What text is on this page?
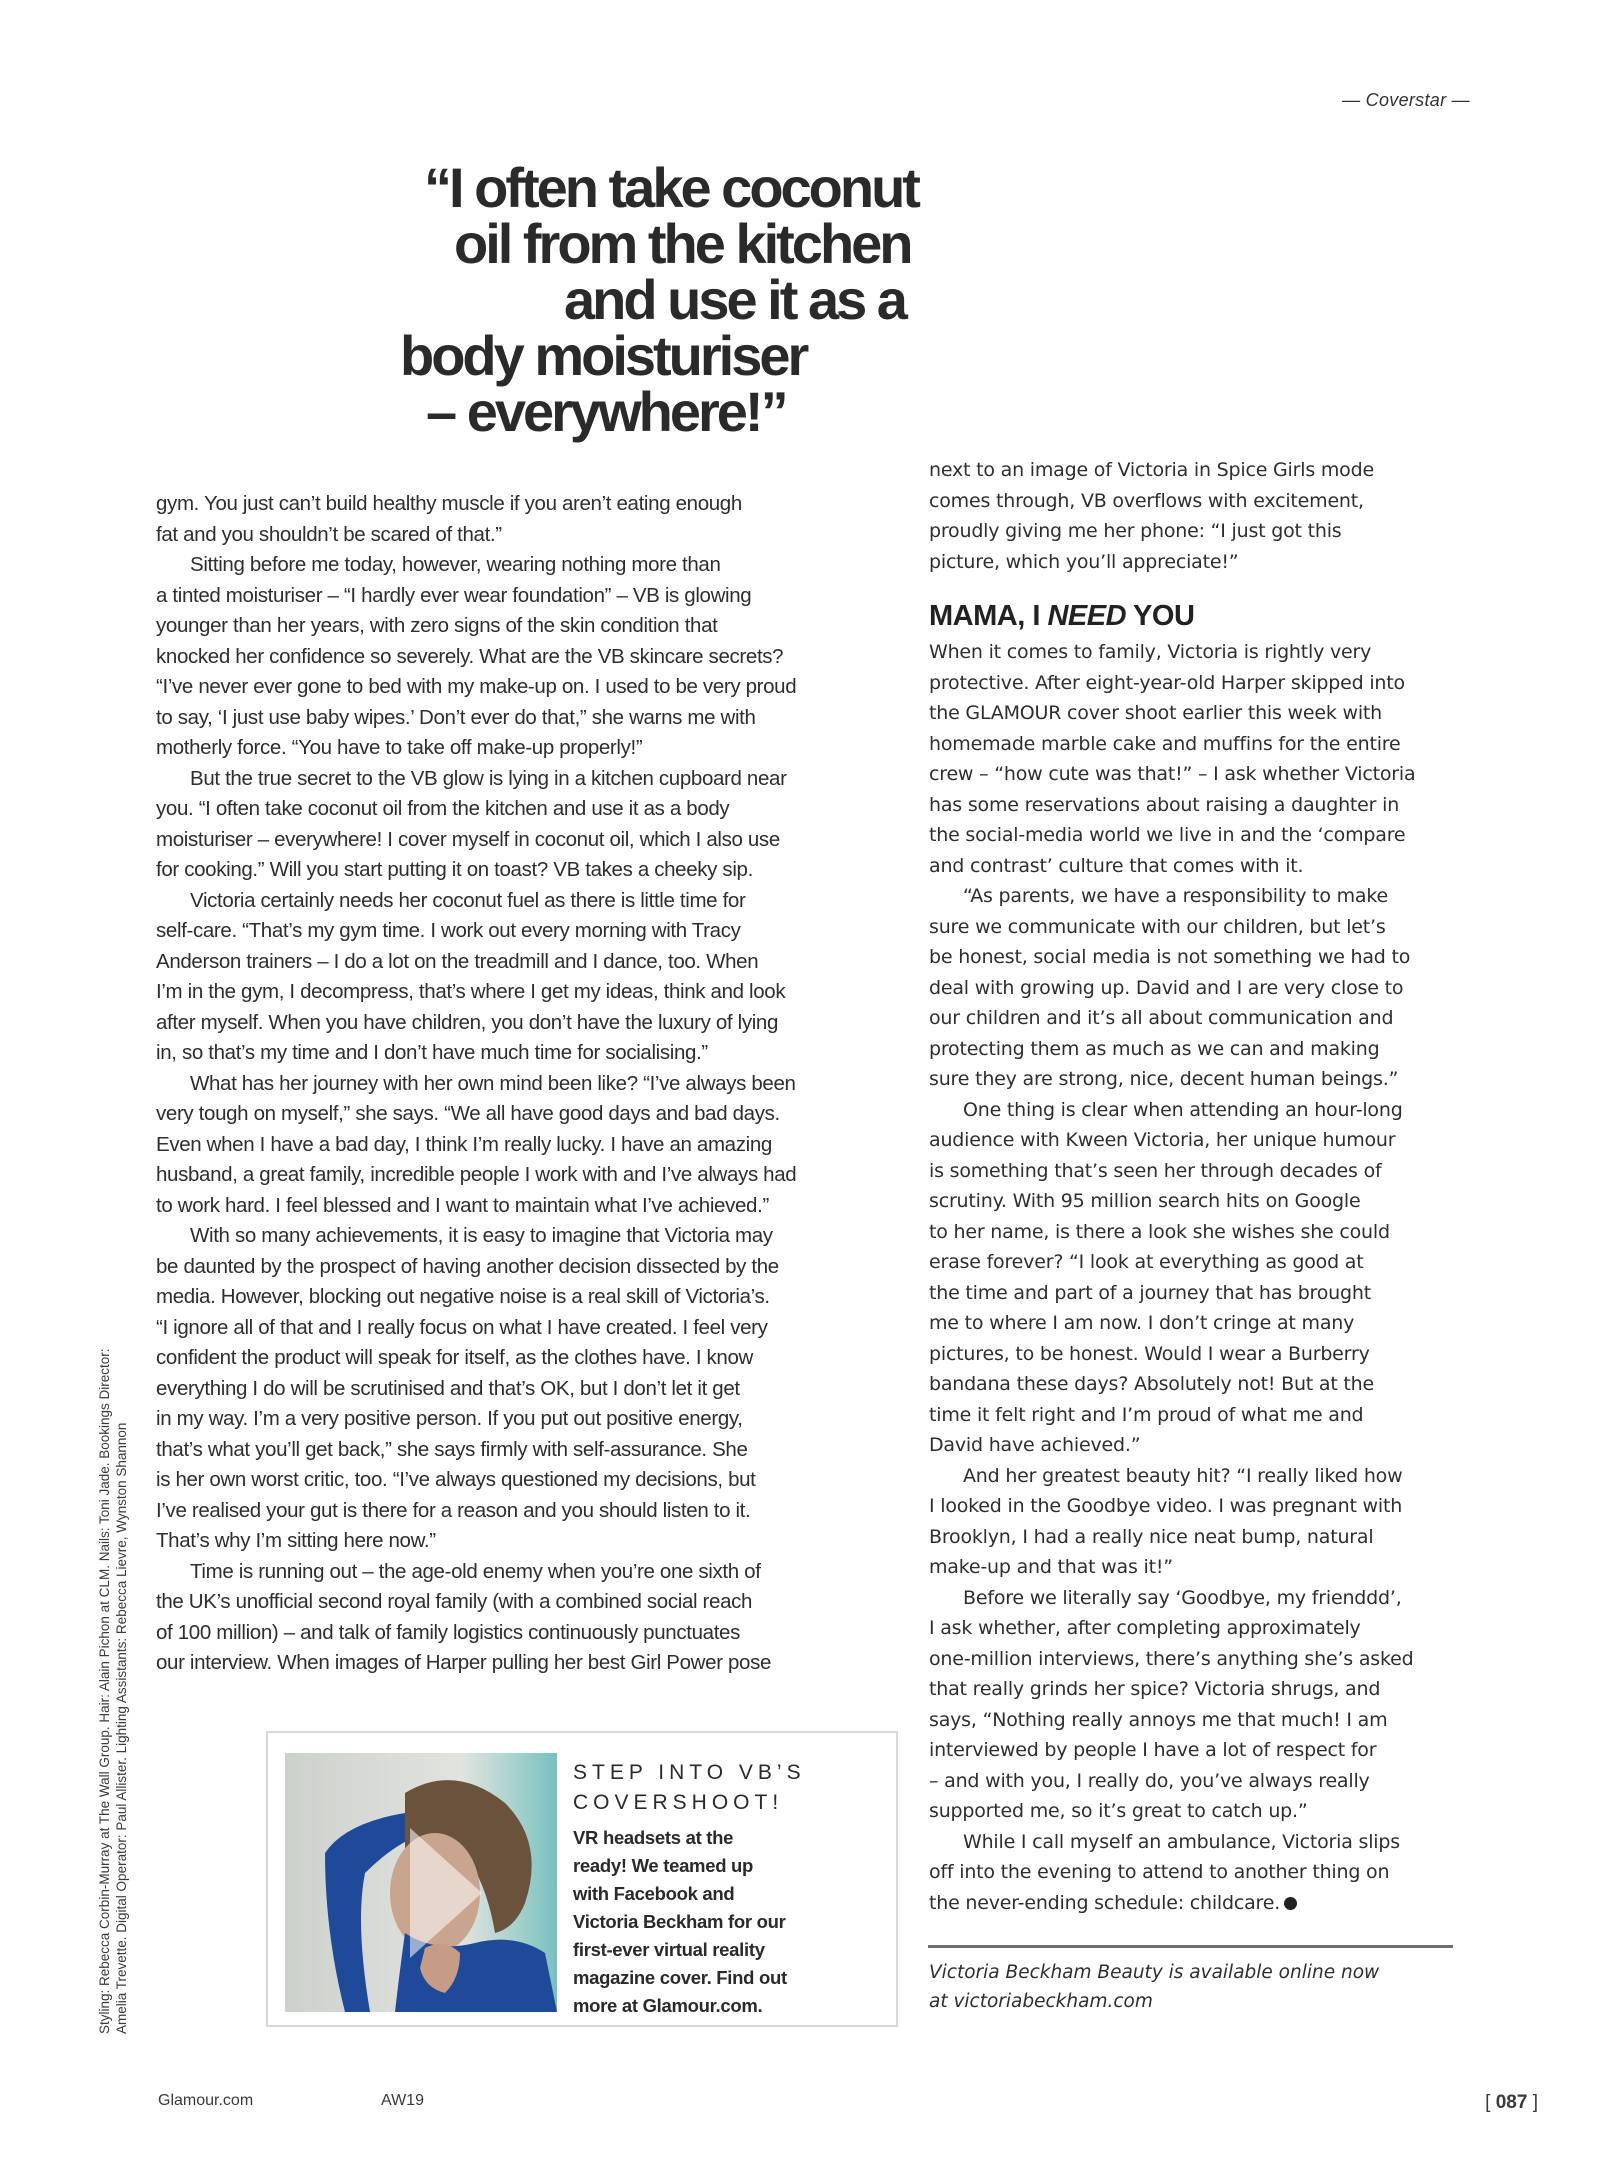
— Coverstar —
“I often take coconut
oil from the kitchen
and use it as a
body moisturiser
– everywhere!”

gym. You just can’t build healthy muscle if you aren’t eating enough
fat and you shouldn’t be scared of that.”

Sitting before me today, however, wearing nothing more than
a tinted moisturiser – “I hardly ever wear foundation” – VB is glowing
younger than her years, with zero signs of the skin condition that
knocked her confidence so severely. What are the VB skincare secrets?
“I’ve never ever gone to bed with my make-up on. I used to be very proud
to say, ‘I just use baby wipes.’ Don’t ever do that,” she warns me with
motherly force. “You have to take off make-up properly!”

But the true secret to the VB glow is lying in a kitchen cupboard near
you. “I often take coconut oil from the kitchen and use it as a body
moisturiser – everywhere! I cover myself in coconut oil, which I also use
for cooking.” Will you start putting it on toast? VB takes a cheeky sip.

Victoria certainly needs her coconut fuel as there is little time for
self-care. “That’s my gym time. I work out every morning with Tracy
Anderson trainers – I do a lot on the treadmill and I dance, too. When
I’m in the gym, I decompress, that’s where I get my ideas, think and look
after myself. When you have children, you don’t have the luxury of lying
in, so that’s my time and I don’t have much time for socialising.”

What has her journey with her own mind been like? “I’ve always been
very tough on myself,” she says. “We all have good days and bad days.
Even when I have a bad day, I think I’m really lucky. I have an amazing
husband, a great family, incredible people I work with and I’ve always had
to work hard. I feel blessed and I want to maintain what I’ve achieved.”

With so many achievements, it is easy to imagine that Victoria may
be daunted by the prospect of having another decision dissected by the
media. However, blocking out negative noise is a real skill of Victoria’s.
“I ignore all of that and I really focus on what I have created. I feel very
confident the product will speak for itself, as the clothes have. I know
everything I do will be scrutinised and that’s OK, but I don’t let it get
in my way. I’m a very positive person. If you put out positive energy,
that’s what you’ll get back,” she says firmly with self-assurance. She
is her own worst critic, too. “I’ve always questioned my decisions, but
I’ve realised your gut is there for a reason and you should listen to it.
That’s why I’m sitting here now.”

Time is running out – the age-old enemy when you’re one sixth of
the UK’s unofficial second royal family (with a combined social reach
of 100 million) – and talk of family logistics continuously punctuates
our interview. When images of Harper pulling her best Girl Power pose

next to an image of Victoria in Spice Girls mode
comes through, VB overflows with excitement,
proudly giving me her phone: “I just got this
picture, which you’ll appreciate!”
MAMA, I NEED YOU

When it comes to family, Victoria is rightly very
protective. After eight-year-old Harper skipped into
the GLAMOUR cover shoot earlier this week with
homemade marble cake and muffins for the entire
crew – “how cute was that!” – I ask whether Victoria
has some reservations about raising a daughter in
the social-media world we live in and the ‘compare
and contrast’ culture that comes with it.

“As parents, we have a responsibility to make
sure we communicate with our children, but let’s
be honest, social media is not something we had to
deal with growing up. David and I are very close to
our children and it’s all about communication and
protecting them as much as we can and making
sure they are strong, nice, decent human beings.”

One thing is clear when attending an hour-long
audience with Kween Victoria, her unique humour
is something that’s seen her through decades of
scrutiny. With 95 million search hits on Google
to her name, is there a look she wishes she could
erase forever? “I look at everything as good at
the time and part of a journey that has brought
me to where I am now. I don’t cringe at many
pictures, to be honest. Would I wear a Burberry
bandana these days? Absolutely not! But at the
time it felt right and I’m proud of what me and
David have achieved.”

And her greatest beauty hit? “I really liked how
I looked in the Goodbye video. I was pregnant with
Brooklyn, I had a really nice neat bump, natural
make-up and that was it!”

Before we literally say ‘Goodbye, my frienddd’,
I ask whether, after completing approximately
one-million interviews, there’s anything she’s asked
that really grinds her spice? Victoria shrugs, and
says, “Nothing really annoys me that much! I am
interviewed by people I have a lot of respect for
– and with you, I really do, you’ve always really
supported me, so it’s great to catch up.”

While I call myself an ambulance, Victoria slips
off into the evening to attend to another thing on
the never-ending schedule: childcare.

Victoria Beckham Beauty is available online now
at victoriabeckham.com
STEP INTO VB’S
COVERSHOOT!
VR headsets at the
ready! We teamed up
with Facebook and
Victoria Beckham for our
first-ever virtual reality
magazine cover. Find out
more at Glamour.com.
Styling: Rebecca Corbin-Murray at The Wall Group. Hair: Alain Pichon at CLM. Nails: Toni Jade. Bookings Director: Amelia Trevette. Digital Operator: Paul Allister. Lighting Assistants: Rebecca Lievre, Wynston Shannon
Glamour.com	AW19	[ 087 ]
